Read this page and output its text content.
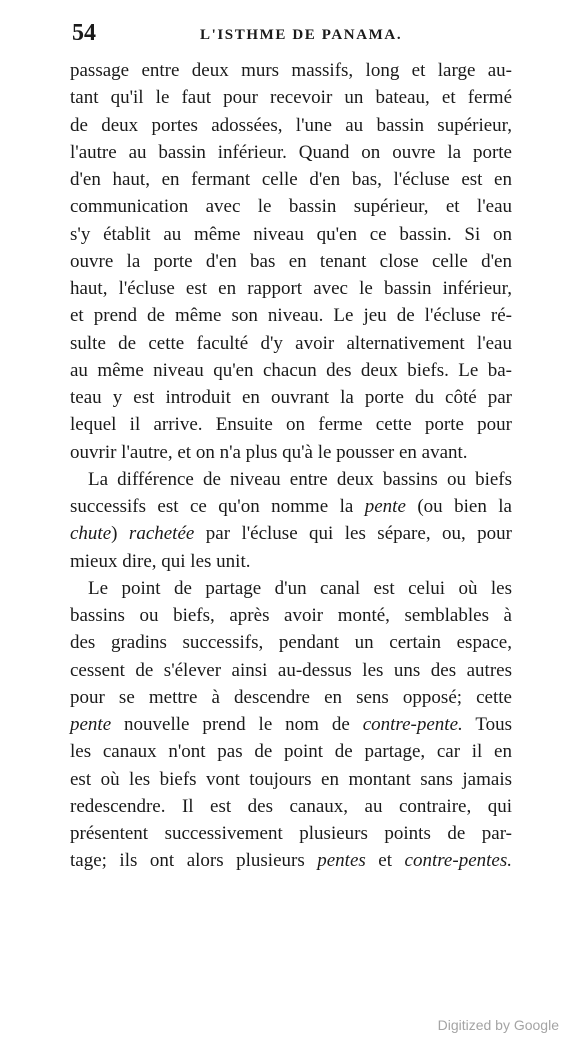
54	L'ISTHME DE PANAMA.
passage entre deux murs massifs, long et large au-
tant qu'il le faut pour recevoir un bateau, et fermé
de deux portes adossées, l'une au bassin supérieur,
l'autre au bassin inférieur. Quand on ouvre la porte
d'en haut, en fermant celle d'en bas, l'écluse est en
communication avec le bassin supérieur, et l'eau
s'y établit au même niveau qu'en ce bassin. Si on
ouvre la porte d'en bas en tenant close celle d'en
haut, l'écluse est en rapport avec le bassin inférieur,
et prend de même son niveau. Le jeu de l'écluse ré-
sulte de cette faculté d'y avoir alternativement l'eau
au même niveau qu'en chacun des deux biefs. Le ba-
teau y est introduit en ouvrant la porte du côté par
lequel il arrive. Ensuite on ferme cette porte pour
ouvrir l'autre, et on n'a plus qu'à le pousser en avant.
La différence de niveau entre deux bassins ou biefs
successifs est ce qu'on nomme la pente (ou bien la
chute) rachetée par l'écluse qui les sépare, ou, pour
mieux dire, qui les unit.
Le point de partage d'un canal est celui où les
bassins ou biefs, après avoir monté, semblables à
des gradins successifs, pendant un certain espace,
cessent de s'élever ainsi au-dessus les uns des autres
pour se mettre à descendre en sens opposé; cette
pente nouvelle prend le nom de contre-pente. Tous
les canaux n'ont pas de point de partage, car il en
est où les biefs vont toujours en montant sans jamais
redescendre. Il est des canaux, au contraire, qui
présentent successivement plusieurs points de par-
tage; ils ont alors plusieurs pentes et contre-pentes.
Digitized by Google
